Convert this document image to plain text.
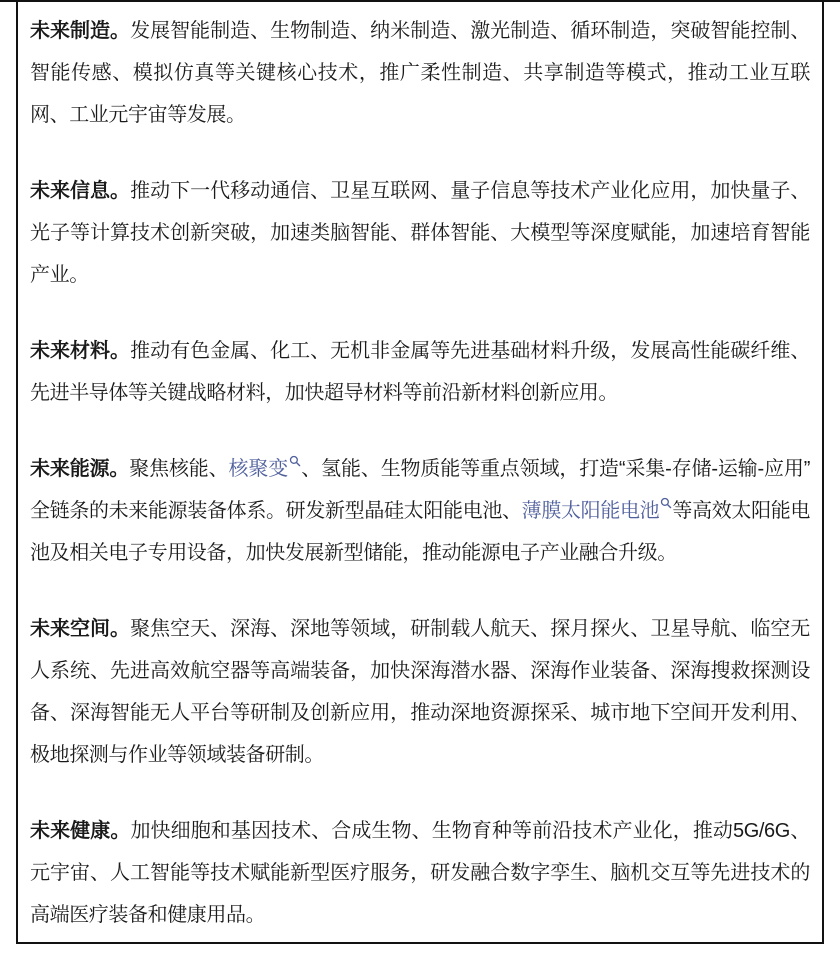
未来制造。发展智能制造、生物制造、纳米制造、激光制造、循环制造，突破智能控制、智能传感、模拟仿真等关键核心技术，推广柔性制造、共享制造等模式，推动工业互联网、工业元宇宙等发展。

未来信息。推动下一代移动通信、卫星互联网、量子信息等技术产业化应用，加快量子、光子等计算技术创新突破，加速类脑智能、群体智能、大模型等深度赋能，加速培育智能产业。

未来材料。推动有色金属、化工、无机非金属等先进基础材料升级，发展高性能碳纤维、先进半导体等关键战略材料，加快超导材料等前沿新材料创新应用。

未来能源。聚焦核能、核聚变 、氢能、生物质能等重点领域，打造“采集-存储-运输-应用”全链条的未来能源装备体系。研发新型晶硅太阳能电池、薄膜太阳能电池 等高效太阳能电池及相关电子专用设备，加快发展新型储能，推动能源电子产业融合升级。

未来空间。聚焦空天、深海、深地等领域，研制载人航天、探月探火、卫星导航、临空无人系统、先进高效航空器等高端装备，加快深海潜水器、深海作业装备、深海搜救探测设备、深海智能无人平台等研制及创新应用，推动深地资源探采、城市地下空间开发利用、极地探测与作业等领域装备研制。

未来健康。加快细胞和基因技术、合成生物、生物育种等前沿技术产业化，推动5G/6G、元宇宙、人工智能等技术赋能新型医疗服务，研发融合数字孪生、脑机交互等先进技术的高端医疗装备和健康用品。
